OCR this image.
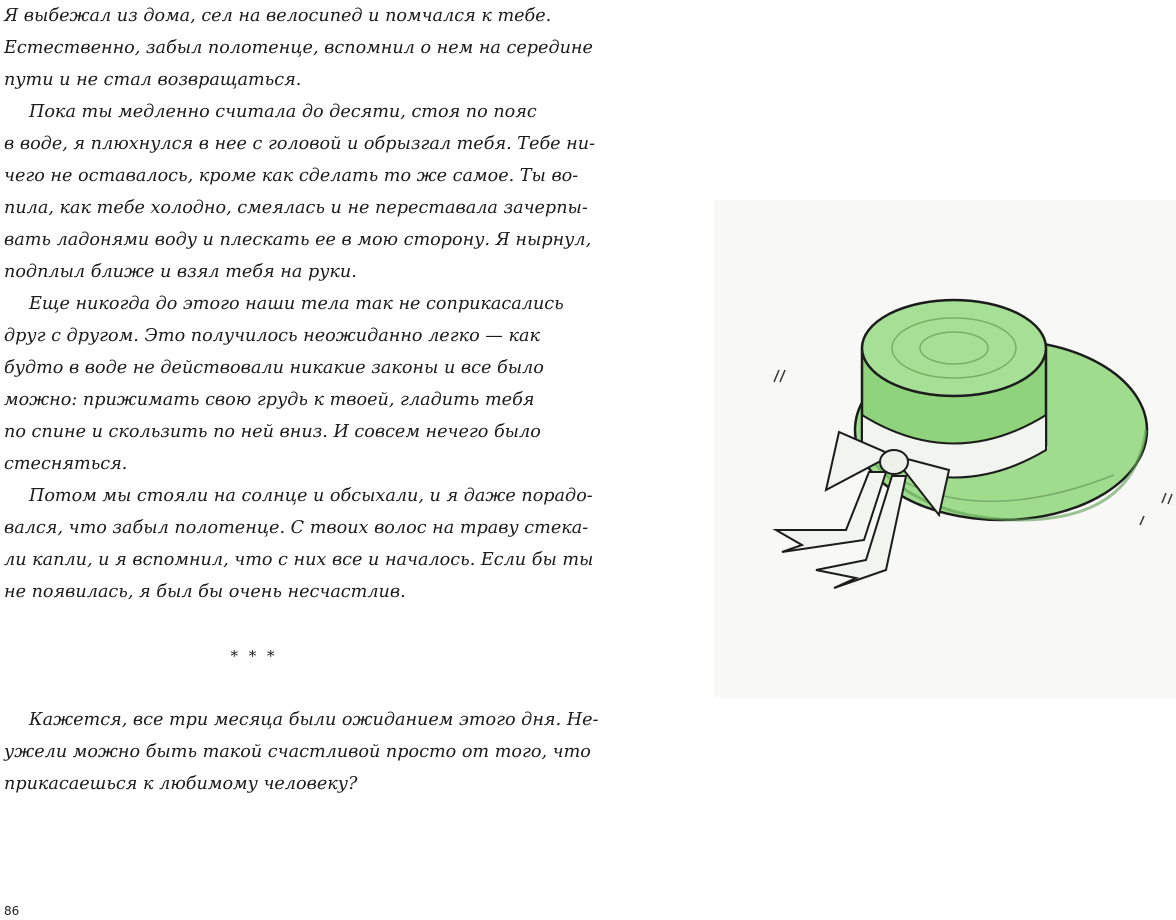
Я выбежал из дома, сел на велосипед и помчался к тебе.
Естественно, забыл полотенце, вспомнил о нем на середине
пути и не стал возвращаться.
Пока ты медленно считала до десяти, стоя по пояс
в воде, я плюхнулся в нее с головой и обрызгал тебя. Тебе ни-
чего не оставалось, кроме как сделать то же самое. Ты во-
пила, как тебе холодно, смеялась и не переставала зачерпы-
вать ладонями воду и плескать ее в мою сторону. Я нырнул,
подплыл ближе и взял тебя на руки.
Еще никогда до этого наши тела так не соприкасались
друг с другом. Это получилось неожиданно легко — как
будто в воде не действовали никакие законы и все было
можно: прижимать свою грудь к твоей, гладить тебя
по спине и скользить по ней вниз. И совсем нечего было
стесняться.
Потом мы стояли на солнце и обсыхали, и я даже порадо-
вался, что забыл полотенце. С твоих волос на траву стека-
ли капли, и я вспомнил, что с них все и началось. Если бы ты
не появилась, я был бы очень несчастлив.
* * *
Кажется, все три месяца были ожиданием этого дня. Не-
ужели можно быть такой счастливой просто от того, что
прикасаешься к любимому человеку?
86
